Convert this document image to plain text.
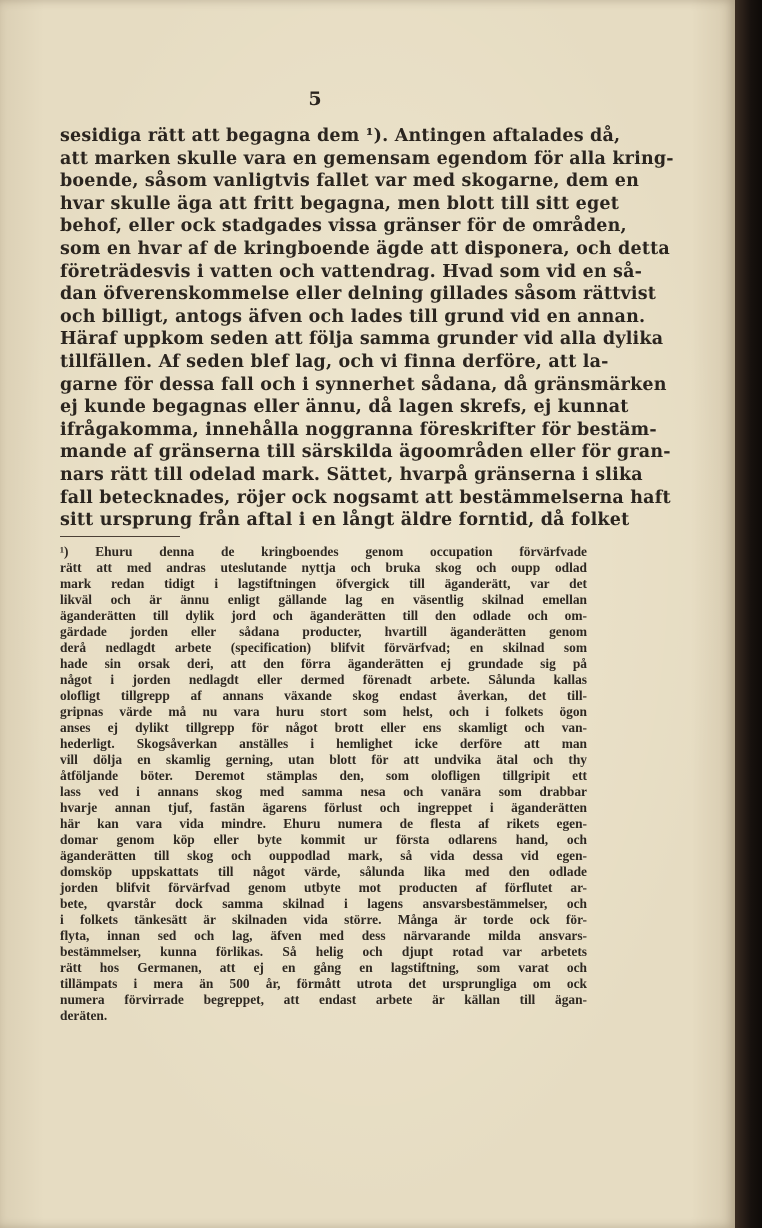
5
sesidiga rätt att begagna dem ¹). Antingen aftalades då,
att marken skulle vara en gemensam egendom för alla kring-
boende, såsom vanligtvis fallet var med skogarne, dem en
hvar skulle äga att fritt begagna, men blott till sitt eget
behof, eller ock stadgades vissa gränser för de områden,
som en hvar af de kringboende ägde att disponera, och detta
företrädesvis i vatten och vattendrag. Hvad som vid en så-
dan öfverenskommelse eller delning gillades såsom rättvist
och billigt, antogs äfven och lades till grund vid en annan.
Häraf uppkom seden att följa samma grunder vid alla dylika
tillfällen. Af seden blef lag, och vi finna derföre, att la-
garne för dessa fall och i synnerhet sådana, då gränsmärken
ej kunde begagnas eller ännu, då lagen skrefs, ej kunnat
ifrågakomma, innehålla noggranna föreskrifter för bestäm-
mande af gränserna till särskilda ägoområden eller för gran-
nars rätt till odelad mark. Sättet, hvarpå gränserna i slika
fall betecknades, röjer ock nogsamt att bestämmelserna haft
sitt ursprung från aftal i en långt äldre forntid, då folket
¹) Ehuru denna de kringboendes genom occupation förvärfvade
rätt att med andras uteslutande nyttja och bruka skog och oupp odlad
mark redan tidigt i lagstiftningen öfvergick till äganderätt, var det
likväl och är ännu enligt gällande lag en väsentlig skilnad emellan
äganderätten till dylik jord och äganderätten till den odlade och om-
gärdade jorden eller sådana producter, hvartill äganderätten genom
derå nedlagdt arbete (specification) blifvit förvärfvad; en skilnad som
hade sin orsak deri, att den förra äganderätten ej grundade sig på
något i jorden nedlagdt eller dermed förenadt arbete. Sålunda kallas
olofligt tillgrepp af annans växande skog endast åverkan, det till-
gripnas värde må nu vara huru stort som helst, och i folkets ögon
anses ej dylikt tillgrepp för något brott eller ens skamligt och van-
hederligt. Skogsåverkan anställes i hemlighet icke derföre att man
vill dölja en skamlig gerning, utan blott för att undvika ätal och thy
åtföljande böter. Deremot stämplas den, som olofligen tillgripit ett
lass ved i annans skog med samma nesa och vanära som drabbar
hvarje annan tjuf, fastän ägarens förlust och ingreppet i äganderätten
här kan vara vida mindre. Ehuru numera de flesta af rikets egen-
domar genom köp eller byte kommit ur första odlarens hand, och
äganderätten till skog och ouppodlad mark, så vida dessa vid egen-
domsköp uppskattats till något värde, sålunda lika med den odlade
jorden blifvit förvärfvad genom utbyte mot producten af förflutet ar-
bete, qvarstår dock samma skilnad i lagens ansvarsbestämmelser, och
i folkets tänkesätt är skilnaden vida större. Många är torde ock för-
flyta, innan sed och lag, äfven med dess närvarande milda ansvars-
bestämmelser, kunna förlikas. Så helig och djupt rotad var arbetets
rätt hos Germanen, att ej en gång en lagstiftning, som varat och
tillämpats i mera än 500 år, förmått utrota det ursprungliga om ock
numera förvirrade begreppet, att endast arbete är källan till ägan-
deräten.
